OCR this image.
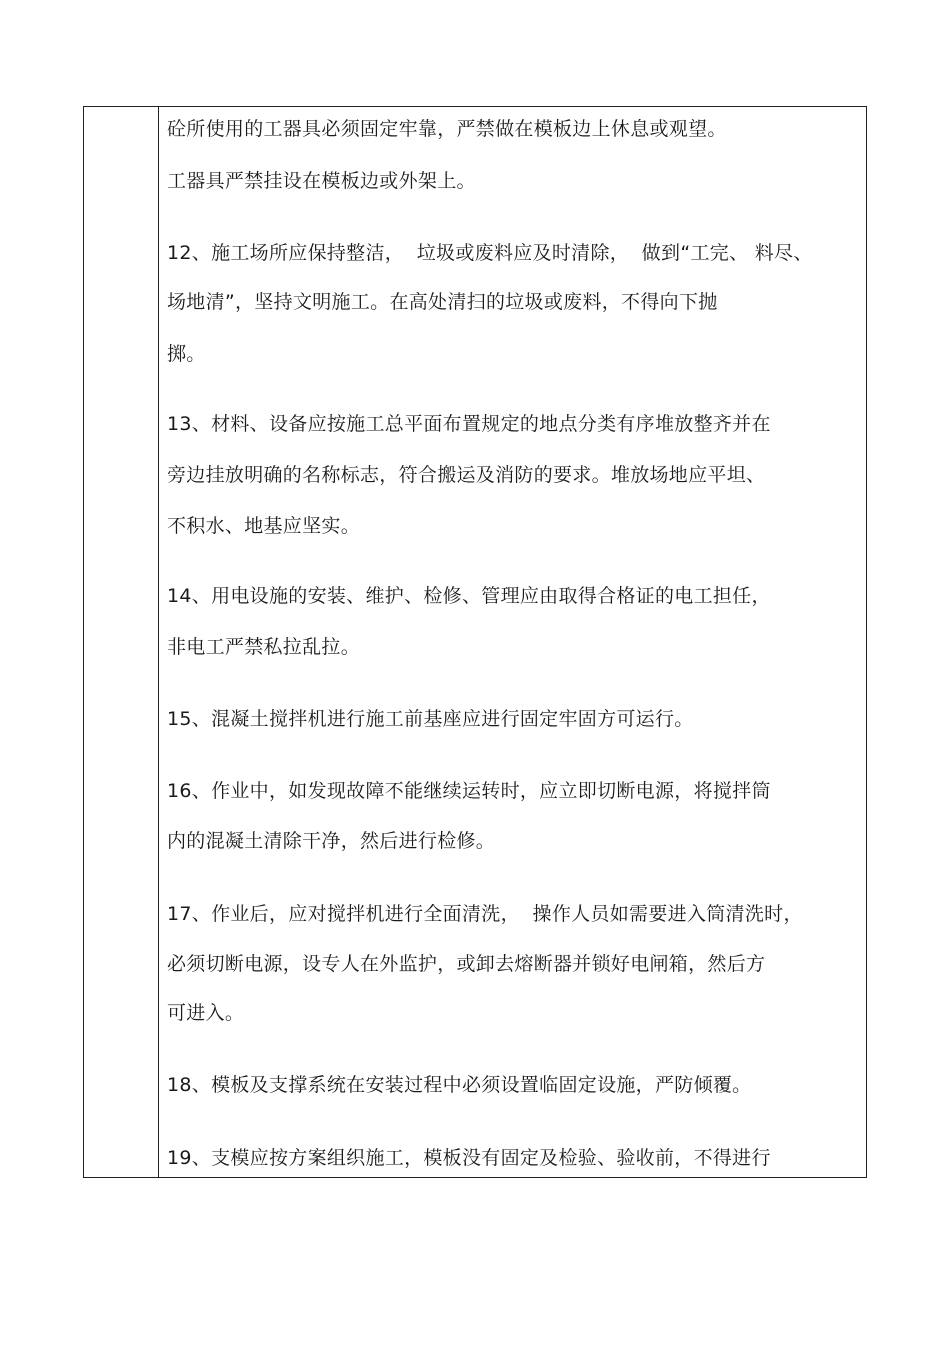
砼所使用的工器具必须固定牢靠，严禁做在模板边上休息或观望。
工器具严禁挂设在模板边或外架上。
12、施工场所应保持整洁，  垃圾或废料应及时清除，  做到“工完、 料尽、
场地清”，坚持文明施工。在高处清扫的垃圾或废料，不得向下抛
掷。
13、材料、设备应按施工总平面布置规定的地点分类有序堆放整齐并在
旁边挂放明确的名称标志，符合搬运及消防的要求。堆放场地应平坦、
不积水、地基应坚实。
14、用电设施的安装、维护、检修、管理应由取得合格证的电工担任，
非电工严禁私拉乱拉。
15、混凝土搅拌机进行施工前基座应进行固定牢固方可运行。
16、作业中，如发现故障不能继续运转时，应立即切断电源，将搅拌筒
内的混凝土清除干净，然后进行检修。
17、作业后，应对搅拌机进行全面清洗，  操作人员如需要进入筒清洗时，
必须切断电源，设专人在外监护，或卸去熔断器并锁好电闸箱，然后方
可进入。
18、模板及支撑系统在安装过程中必须设置临固定设施，严防倾覆。
19、支模应按方案组织施工，模板没有固定及检验、验收前，不得进行
